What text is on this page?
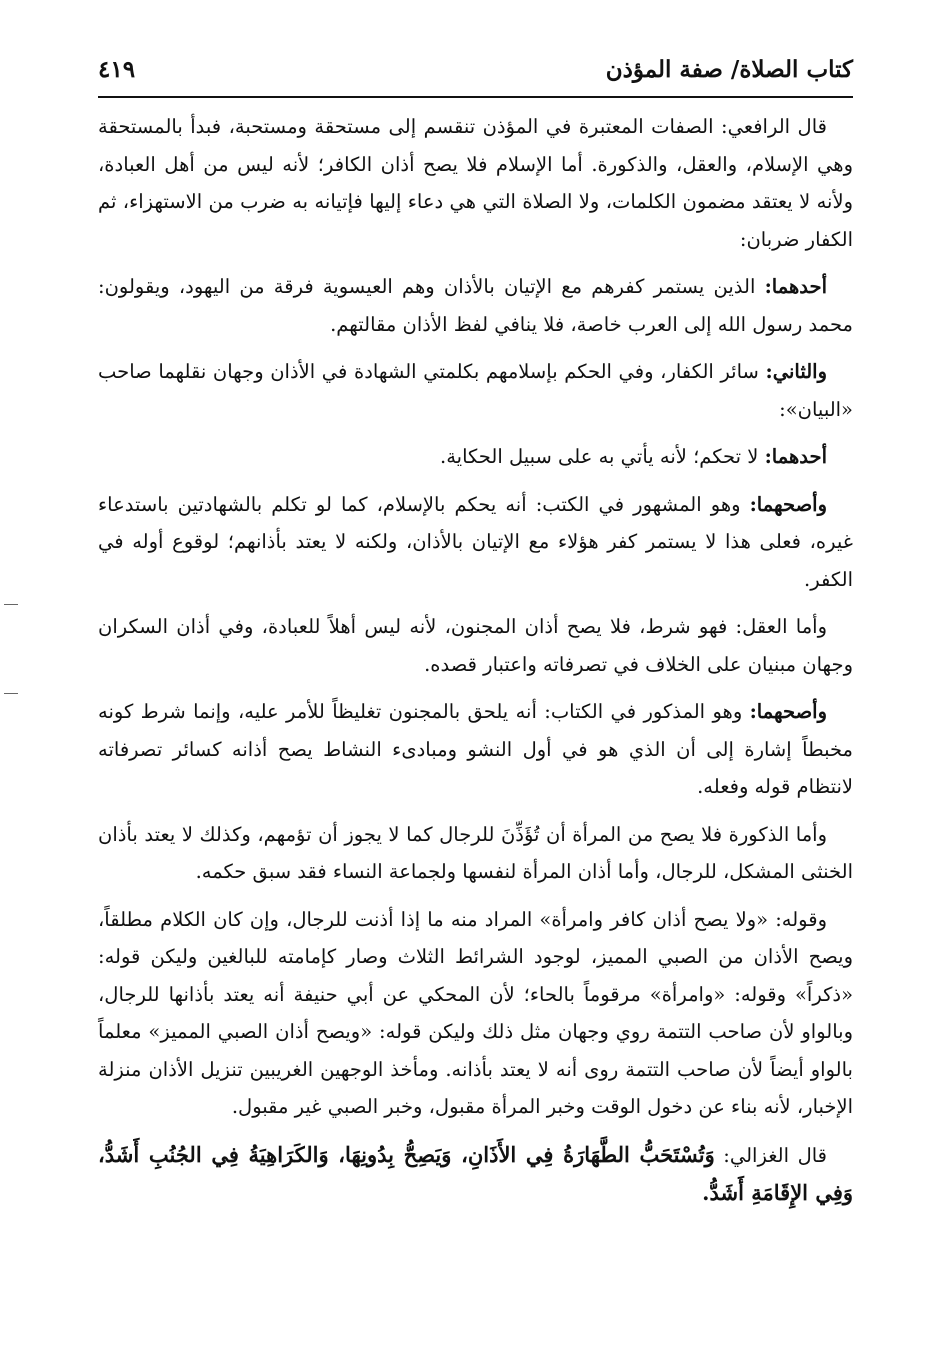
كتاب الصلاة/ صفة المؤذن
٤١٩

قال الرافعي: الصفات المعتبرة في المؤذن تنقسم إلى مستحقة ومستحبة، فبدأ بالمستحقة وهي الإسلام، والعقل، والذكورة. أما الإسلام فلا يصح أذان الكافر؛ لأنه ليس من أهل العبادة، ولأنه لا يعتقد مضمون الكلمات، ولا الصلاة التي هي دعاء إليها فإتيانه به ضرب من الاستهزاء، ثم الكفار ضربان:

أحدهما: الذين يستمر كفرهم مع الإتيان بالأذان وهم العيسوية فرقة من اليهود، ويقولون: محمد رسول الله إلى العرب خاصة، فلا ينافي لفظ الأذان مقالتهم.

والثاني: سائر الكفار، وفي الحكم بإسلامهم بكلمتي الشهادة في الأذان وجهان نقلهما صاحب «البيان»:

أحدهما: لا تحكم؛ لأنه يأتي به على سبيل الحكاية.

وأصحهما: وهو المشهور في الكتب: أنه يحكم بالإسلام، كما لو تكلم بالشهادتين باستدعاء غيره، فعلى هذا لا يستمر كفر هؤلاء مع الإتيان بالأذان، ولكنه لا يعتد بأذانهم؛ لوقوع أوله في الكفر.

وأما العقل: فهو شرط، فلا يصح أذان المجنون، لأنه ليس أهلاً للعبادة، وفي أذان السكران وجهان مبنيان على الخلاف في تصرفاته واعتبار قصده.

وأصحهما: وهو المذكور في الكتاب: أنه يلحق بالمجنون تغليظاً للأمر عليه، وإنما شرط كونه مخبطاً إشارة إلى أن الذي هو في أول النشو ومبادىء النشاط يصح أذانه كسائر تصرفاته لانتظام قوله وفعله.

وأما الذكورة فلا يصح من المرأة أن تُؤَذِّنَ للرجال كما لا يجوز أن تؤمهم، وكذلك لا يعتد بأذان الخنثى المشكل، للرجال، وأما أذان المرأة لنفسها ولجماعة النساء فقد سبق حكمه.

وقوله: «ولا يصح أذان كافر وامرأة» المراد منه ما إذا أذنت للرجال، وإن كان الكلام مطلقاً، ويصح الأذان من الصبي المميز، لوجود الشرائط الثلاث وصار كإمامته للبالغين وليكن قوله: «ذكراً» وقوله: «وامرأة» مرقوماً بالحاء؛ لأن المحكي عن أبي حنيفة أنه يعتد بأذانها للرجال، وبالواو لأن صاحب التتمة روي وجهان مثل ذلك وليكن قوله: «ويصح أذان الصبي المميز» معلماً بالواو أيضاً لأن صاحب التتمة روى أنه لا يعتد بأذانه. ومأخذ الوجهين الغريبين تنزيل الأذان منزلة الإخبار، لأنه بناء عن دخول الوقت وخبر المرأة مقبول، وخبر الصبي غير مقبول.

قال الغزالي: وَتُسْتَحَبُّ الطَّهَارَةُ فِي الأَذَانِ، وَيَصِحُّ بِدُونِهَا، وَالكَرَاهِيَةُ فِي الجُنُبِ أَشَدُّ، وَفِي الإِقَامَةِ أَشَدُّ.
